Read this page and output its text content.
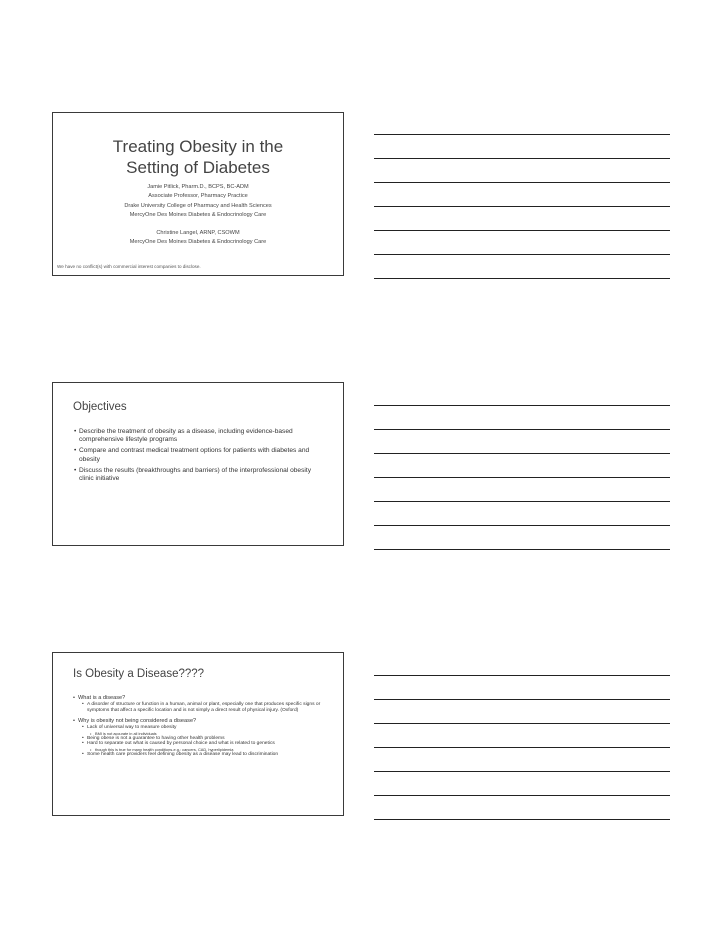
Treating Obesity in the
Setting of Diabetes
Jamie Pitlick, Pharm.D., BCPS, BC-ADM
Associate Professor, Pharmacy Practice
Drake University College of Pharmacy and Health Sciences
MercyOne Des Moines Diabetes & Endocrinology Care
Christine Langel, ARNP, CSOWM
MercyOne Des Moines Diabetes & Endocrinology Care
We have no conflict(s) with commercial interest companies to disclose.
Objectives
• Describe the treatment of obesity as a disease, including evidence-based comprehensive lifestyle programs
• Compare and contrast medical treatment options for patients with diabetes and obesity
• Discuss the results (breakthroughs and barriers) of the interprofessional obesity clinic initiative
Is Obesity a Disease????
• What is a disease?
• A disorder of structure or function in a human, animal or plant, especially one that produces specific signs or symptoms that affect a specific location and is not simply a direct result of physical injury. (Oxford)
• Why is obesity not being considered a disease?
• Lack of universal way to measure obesity
• BMI is not accurate in all individuals
• Being obese is not a guarantee to having other health problems
• Hard to separate out what is caused by personal choice and what is related to genetics
• though this is true for many health conditions-e.g.: cancers, CAD, hyperlipidemia
• Some health care providers feel defining obesity as a disease may lead to discrimination
